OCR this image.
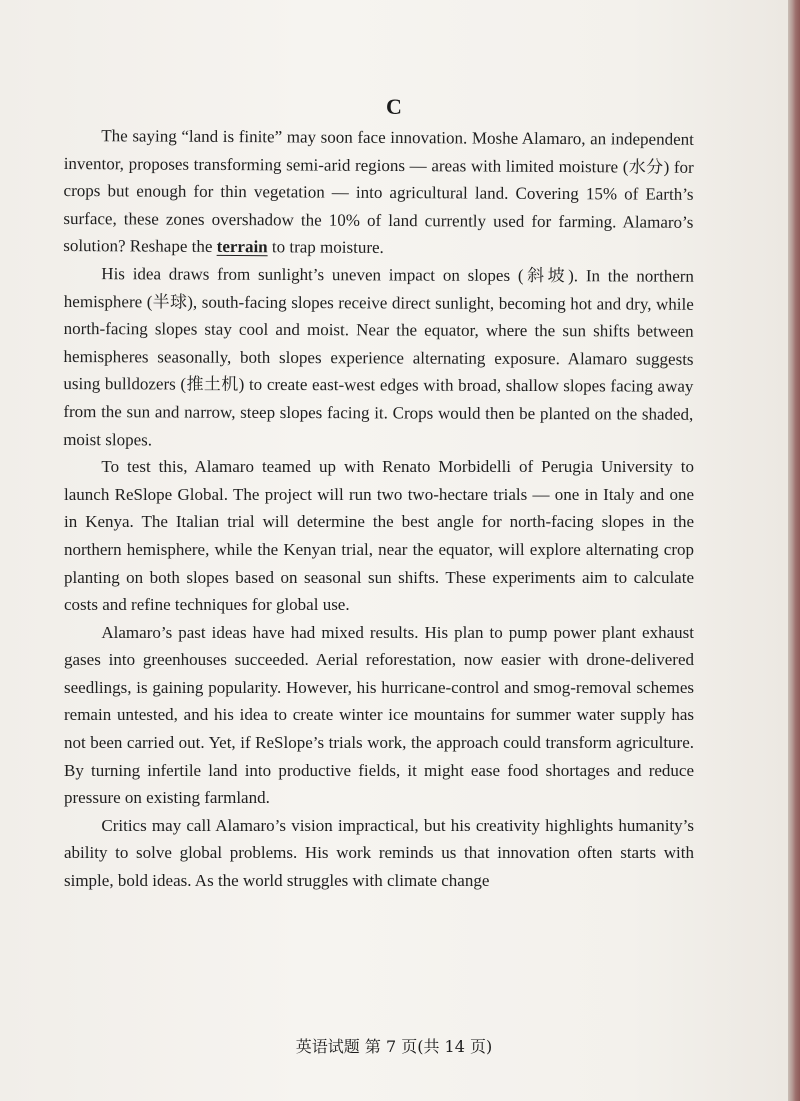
C

The saying “land is finite” may soon face innovation. Moshe Alamaro, an independent inventor, proposes transforming semi-arid regions — areas with limited moisture (水分) for crops but enough for thin vegetation — into agricultural land. Covering 15% of Earth’s surface, these zones overshadow the 10% of land currently used for farming. Alamaro’s solution? Reshape the terrain to trap moisture.

His idea draws from sunlight’s uneven impact on slopes (斜坡). In the northern hemisphere (半球), south-facing slopes receive direct sunlight, becoming hot and dry, while north-facing slopes stay cool and moist. Near the equator, where the sun shifts between hemispheres seasonally, both slopes experience alternating exposure. Alamaro suggests using bulldozers (推土机) to create east-west edges with broad, shallow slopes facing away from the sun and narrow, steep slopes facing it. Crops would then be planted on the shaded, moist slopes.

To test this, Alamaro teamed up with Renato Morbidelli of Perugia University to launch ReSlope Global. The project will run two two-hectare trials — one in Italy and one in Kenya. The Italian trial will determine the best angle for north-facing slopes in the northern hemisphere, while the Kenyan trial, near the equator, will explore alternating crop planting on both slopes based on seasonal sun shifts. These experiments aim to calculate costs and refine techniques for global use.

Alamaro’s past ideas have had mixed results. His plan to pump power plant exhaust gases into greenhouses succeeded. Aerial reforestation, now easier with drone-delivered seedlings, is gaining popularity. However, his hurricane-control and smog-removal schemes remain untested, and his idea to create winter ice mountains for summer water supply has not been carried out. Yet, if ReSlope’s trials work, the approach could transform agriculture. By turning infertile land into productive fields, it might ease food shortages and reduce pressure on existing farmland.

Critics may call Alamaro’s vision impractical, but his creativity highlights humanity’s ability to solve global problems. His work reminds us that innovation often starts with simple, bold ideas. As the world struggles with climate change

英语试题 第 7 页(共 14 页)
